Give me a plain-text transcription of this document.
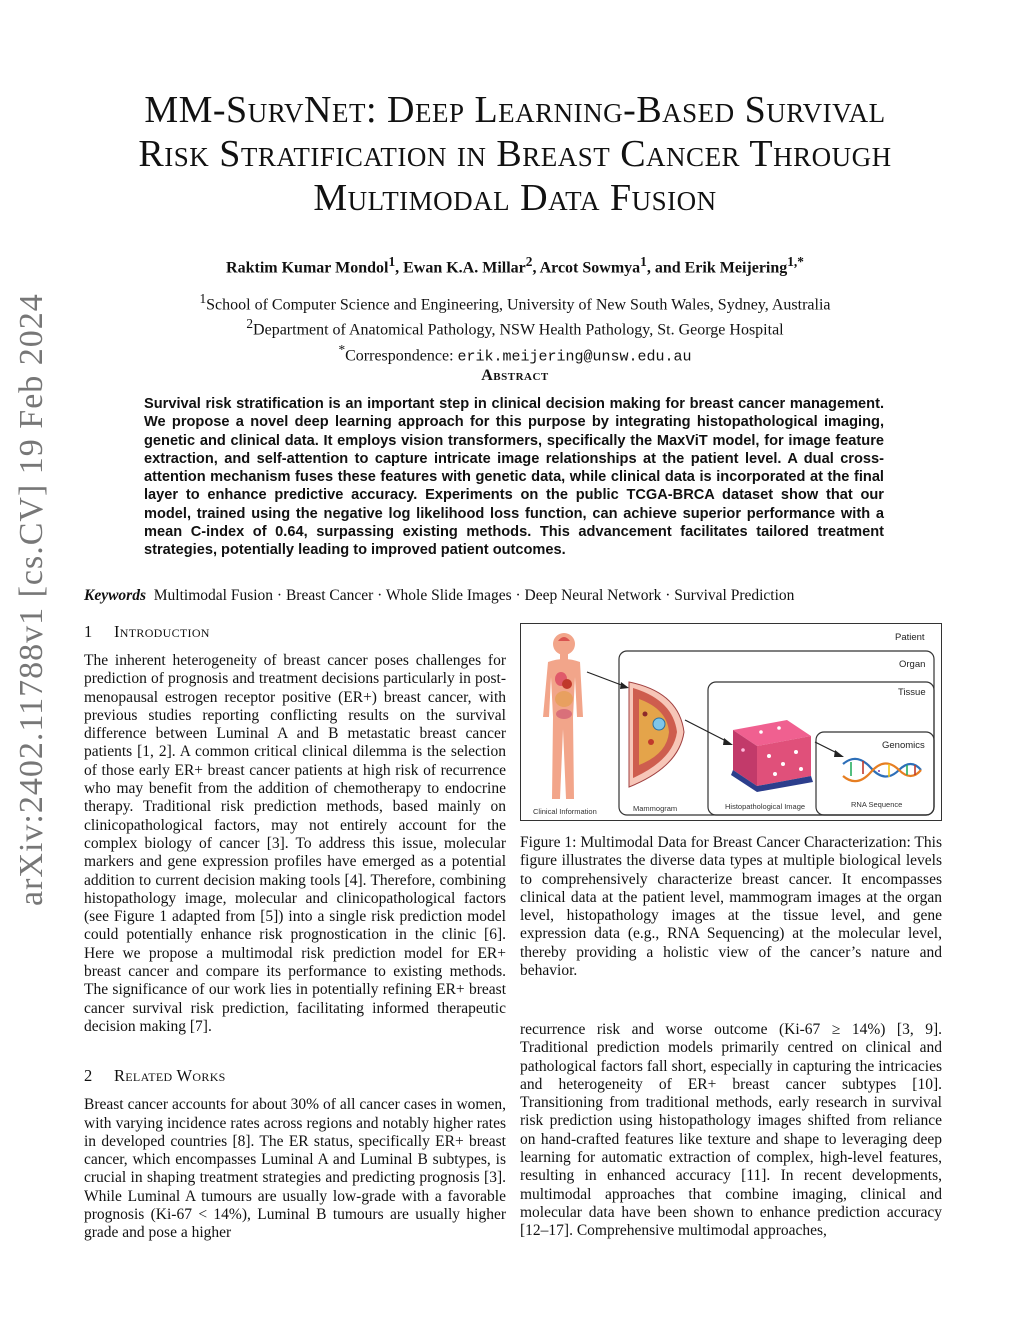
arXiv:2402.11788v1 [cs.CV] 19 Feb 2024
MM-SurvNet: Deep Learning-Based Survival
Risk Stratification in Breast Cancer Through
Multimodal Data Fusion
Raktim Kumar Mondol$^1$, Ewan K.A. Millar$^2$, Arcot Sowmya$^1$, and Erik Meijering$^{1,*}$
$^1$School of Computer Science and Engineering, University of New South Wales, Sydney, Australia
$^2$Department of Anatomical Pathology, NSW Health Pathology, St. George Hospital
*Correspondence: erik.meijering@unsw.edu.au
Abstract
Survival risk stratification is an important step in clinical decision making for breast cancer management. We propose a novel deep learning approach for this purpose by integrating histopathological imaging, genetic and clinical data. It employs vision transformers, specifically the MaxViT model, for image feature extraction, and self-attention to capture intricate image relationships at the patient level. A dual cross-attention mechanism fuses these features with genetic data, while clinical data is incorporated at the final layer to enhance predictive accuracy. Experiments on the public TCGA-BRCA dataset show that our model, trained using the negative log likelihood loss function, can achieve superior performance with a mean C-index of 0.64, surpassing existing methods. This advancement facilitates tailored treatment strategies, potentially leading to improved patient outcomes.
Keywords Multimodal Fusion · Breast Cancer · Whole Slide Images · Deep Neural Network · Survival Prediction
1 Introduction

The inherent heterogeneity of breast cancer poses challenges for prediction of prognosis and treatment decisions particularly in post-menopausal estrogen receptor positive (ER+) breast cancer, with previous studies reporting conflicting results on the survival difference between Luminal A and B metastatic breast cancer patients [1, 2]. A common critical clinical dilemma is the selection of those early ER+ breast cancer patients at high risk of recurrence who may benefit from the addition of chemotherapy to endocrine therapy. Traditional risk prediction methods, based mainly on clinicopathological factors, may not entirely account for the complex biology of cancer [3]. To address this issue, molecular markers and gene expression profiles have emerged as a potential addition to current decision making tools [4]. Therefore, combining histopathology image, molecular and clinicopathological factors (see Figure 1 adapted from [5]) into a single risk prediction model could potentially enhance risk prognostication in the clinic [6]. Here we propose a multimodal risk prediction model for ER+ breast cancer and compare its performance to existing methods. The significance of our work lies in potentially refining ER+ breast cancer survival risk prediction, facilitating informed therapeutic decision making [7].

2 Related Works

Breast cancer accounts for about 30% of all cancer cases in women, with varying incidence rates across regions and notably higher rates in developed countries [8]. The ER status, specifically ER+ breast cancer, which encompasses Luminal A and Luminal B subtypes, is crucial in shaping treatment strategies and predicting prognosis [3]. While Luminal A tumours are usually low-grade with a favorable prognosis (Ki-67 < 14%), Luminal B tumours are usually higher grade and pose a higher

Patient
Organ
Tissue
Genomics
Clinical Information	Mammogram	Histopathological Image	RNA Sequence
Figure 1: Multimodal Data for Breast Cancer Characterization: This figure illustrates the diverse data types at multiple biological levels to comprehensively characterize breast cancer. It encompasses clinical data at the patient level, mammogram images at the organ level, histopathology images at the tissue level, and gene expression data (e.g., RNA Sequencing) at the molecular level, thereby providing a holistic view of the cancer’s nature and behavior.

recurrence risk and worse outcome (Ki-67 ≥ 14%) [3, 9]. Traditional prediction models primarily centred on clinical and pathological factors fall short, especially in capturing the intricacies and heterogeneity of ER+ breast cancer subtypes [10]. Transitioning from traditional methods, early research in survival risk prediction using histopathology images shifted from reliance on hand-crafted features like texture and shape to leveraging deep learning for automatic extraction of complex, high-level features, resulting in enhanced accuracy [11]. In recent developments, multimodal approaches that combine imaging, clinical and molecular data have been shown to enhance prediction accuracy [12–17]. Comprehensive multimodal approaches,
